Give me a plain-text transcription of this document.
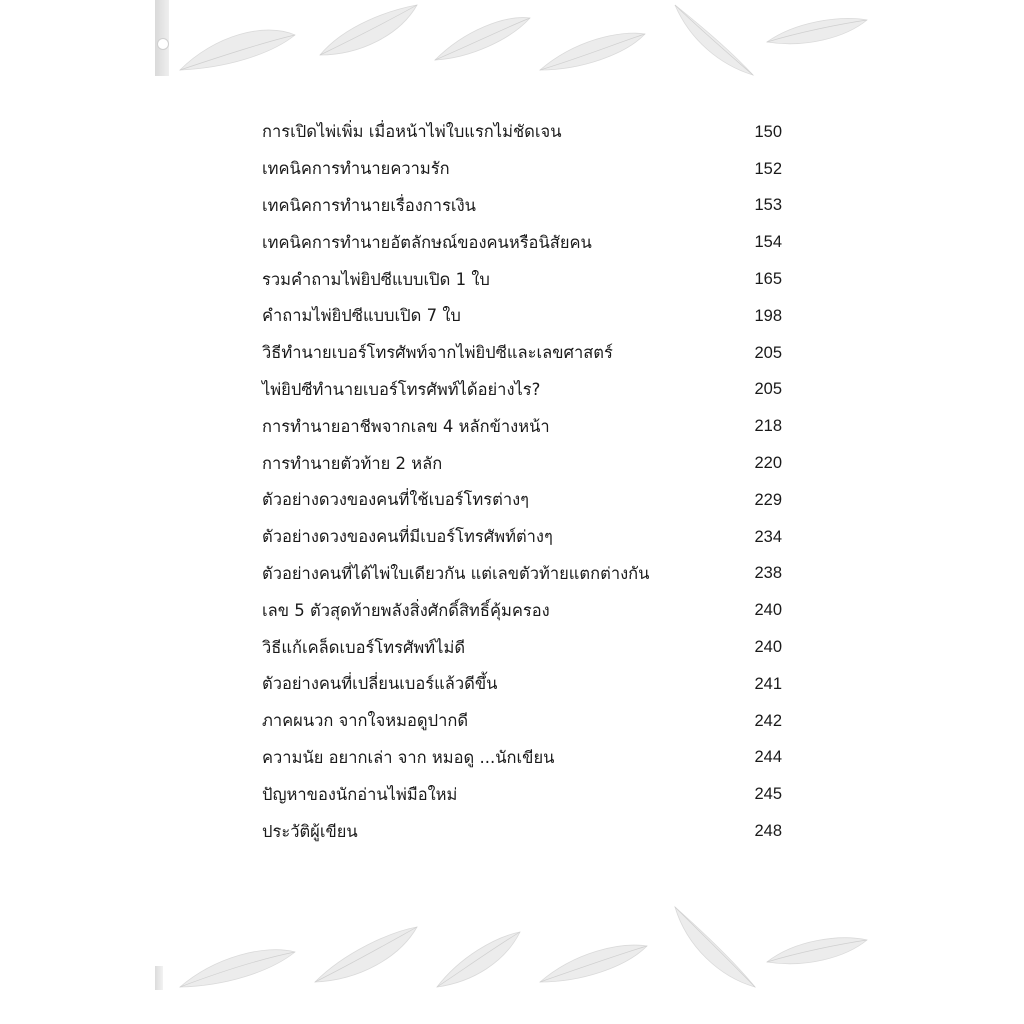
การเปิดไพ่เพิ่ม เมื่อหน้าไพ่ใบแรกไม่ชัดเจน	150
เทคนิคการทำนายความรัก	152
เทคนิคการทำนายเรื่องการเงิน	153
เทคนิคการทำนายอัตลักษณ์ของคนหรือนิสัยคน	154
รวมคำถามไพ่ยิปซีแบบเปิด 1 ใบ	165
คำถามไพ่ยิปซีแบบเปิด 7 ใบ	198
วิธีทำนายเบอร์โทรศัพท์จากไพ่ยิปซีและเลขศาสตร์	205
ไพ่ยิปซีทำนายเบอร์โทรศัพท์ได้อย่างไร?	205
การทำนายอาชีพจากเลข 4 หลักข้างหน้า	218
การทำนายตัวท้าย 2 หลัก	220
ตัวอย่างดวงของคนที่ใช้เบอร์โทรต่างๆ	229
ตัวอย่างดวงของคนที่มีเบอร์โทรศัพท์ต่างๆ	234
ตัวอย่างคนที่ได้ไพ่ใบเดียวกัน แต่เลขตัวท้ายแตกต่างกัน	238
เลข 5 ตัวสุดท้ายพลังสิ่งศักดิ์สิทธิ์คุ้มครอง	240
วิธีแก้เคล็ดเบอร์โทรศัพท์ไม่ดี	240
ตัวอย่างคนที่เปลี่ยนเบอร์แล้วดีขึ้น	241
ภาคผนวก จากใจหมอดูปากดี	242
ความนัย อยากเล่า จาก หมอดู ...นักเขียน	244
ปัญหาของนักอ่านไพ่มือใหม่	245
ประวัติผู้เขียน	248
